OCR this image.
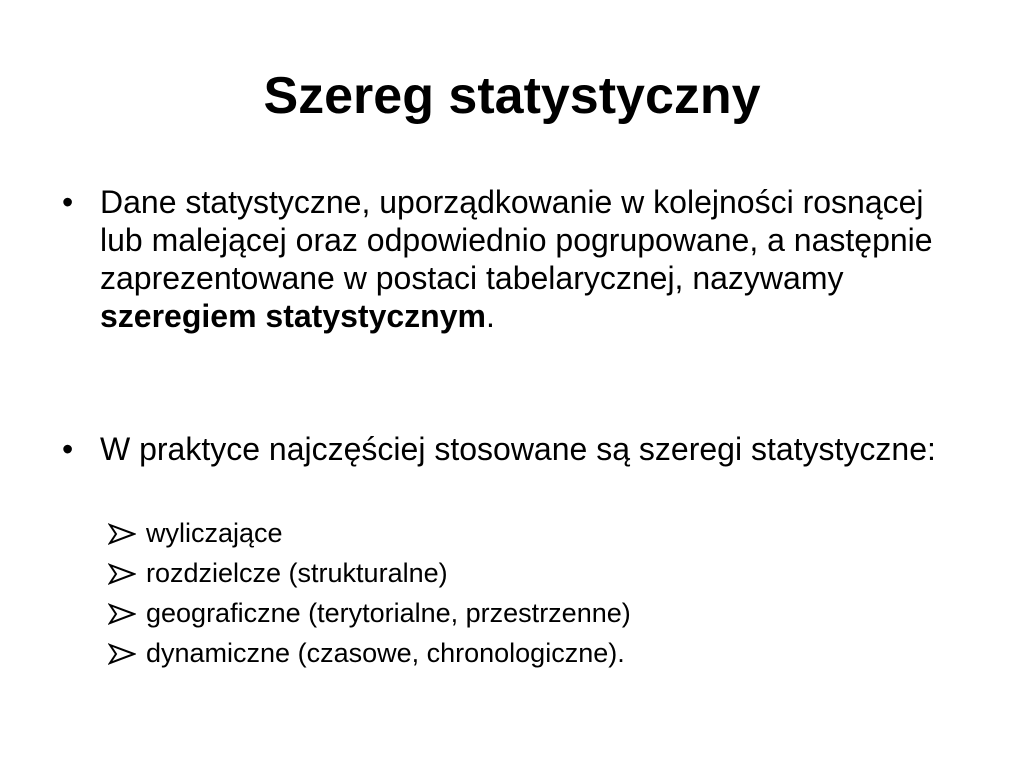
Szereg statystyczny
• Dane statystyczne, uporządkowanie w kolejności rosnącej lub malejącej oraz odpowiednio pogrupowane, a następnie zaprezentowane w postaci tabelarycznej, nazywamy szeregiem statystycznym.
• W praktyce najczęściej stosowane są szeregi statystyczne:
wyliczające
rozdzielcze (strukturalne)
geograficzne (terytorialne, przestrzenne)
dynamiczne (czasowe, chronologiczne).
